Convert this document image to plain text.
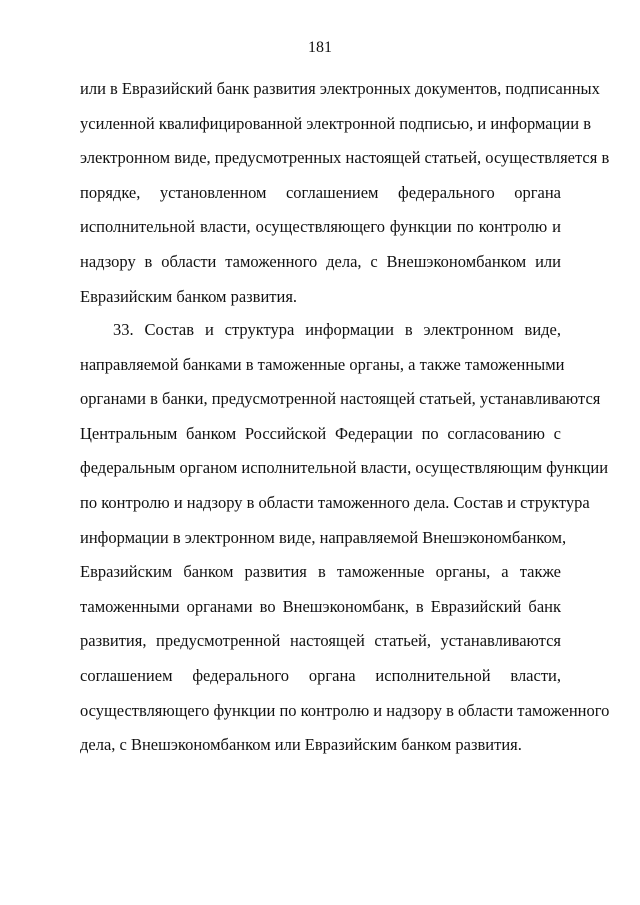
181
или в Евразийский банк развития электронных документов, подписанных
усиленной квалифицированной электронной подписью, и информации в
электронном виде, предусмотренных настоящей статьей, осуществляется в
порядке, установленном соглашением федерального органа
исполнительной власти, осуществляющего функции по контролю и
надзору в области таможенного дела, с Внешэкономбанком или
Евразийским банком развития.
33. Состав и структура информации в электронном виде,
направляемой банками в таможенные органы, а также таможенными
органами в банки, предусмотренной настоящей статьей, устанавливаются
Центральным банком Российской Федерации по согласованию с
федеральным органом исполнительной власти, осуществляющим функции
по контролю и надзору в области таможенного дела. Состав и структура
информации в электронном виде, направляемой Внешэкономбанком,
Евразийским банком развития в таможенные органы, а также
таможенными органами во Внешэкономбанк, в Евразийский банк
развития, предусмотренной настоящей статьей, устанавливаются
соглашением федерального органа исполнительной власти,
осуществляющего функции по контролю и надзору в области таможенного
дела, с Внешэкономбанком или Евразийским банком развития.
